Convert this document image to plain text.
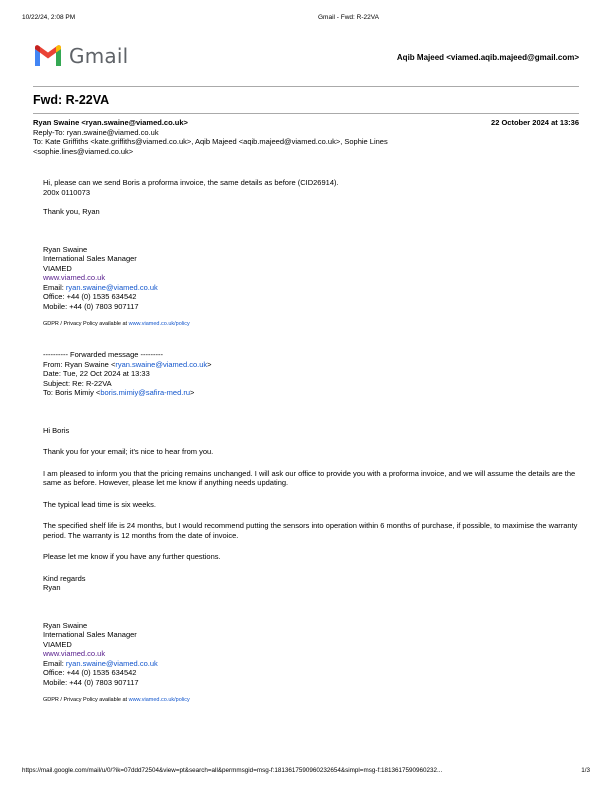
10/22/24, 2:08 PM	Gmail - Fwd: R-22VA
Gmail	Aqib Majeed <viamed.aqib.majeed@gmail.com>
Fwd: R-22VA
Ryan Swaine <ryan.swaine@viamed.co.uk>	22 October 2024 at 13:36
Reply-To: ryan.swaine@viamed.co.uk
To: Kate Griffiths <kate.griffiths@viamed.co.uk>, Aqib Majeed <aqib.majeed@viamed.co.uk>, Sophie Lines
<sophie.lines@viamed.co.uk>

Hi, please can we send Boris a proforma invoice, the same details as before (CID26914).

200x 0110073

Thank you, Ryan

Ryan Swaine

International Sales Manager

VIAMED

www.viamed.co.uk

Email: ryan.swaine@viamed.co.uk

Office: +44 (0) 1535 634542

Mobile: +44 (0) 7803 907117

GDPR / Privacy Policy available at www.viamed.co.uk/policy

---------- Forwarded message ---------

From: Ryan Swaine <ryan.swaine@viamed.co.uk>

Date: Tue, 22 Oct 2024 at 13:33

Subject: Re: R-22VA

To: Boris Mimiy <boris.mimiy@safira-med.ru>

Hi Boris

Thank you for your email; it's nice to hear from you.

I am pleased to inform you that the pricing remains unchanged. I will ask our office to provide you with a proforma invoice, and we will assume the details are the same as before. However, please let me know if anything needs updating.

The typical lead time is six weeks.

The specified shelf life is 24 months, but I would recommend putting the sensors into operation within 6 months of purchase, if possible, to maximise the warranty period. The warranty is 12 months from the date of invoice.

Please let me know if you have any further questions.

Kind regards

Ryan

Ryan Swaine

International Sales Manager

VIAMED

www.viamed.co.uk

Email: ryan.swaine@viamed.co.uk

Office: +44 (0) 1535 634542

Mobile: +44 (0) 7803 907117

GDPR / Privacy Policy available at www.viamed.co.uk/policy

https://mail.google.com/mail/u/0/?ik=07ddd72504&view=pt&search=all&permmsgid=msg-f:1813617590960232654&simpl=msg-f:1813617590960232...	1/3
